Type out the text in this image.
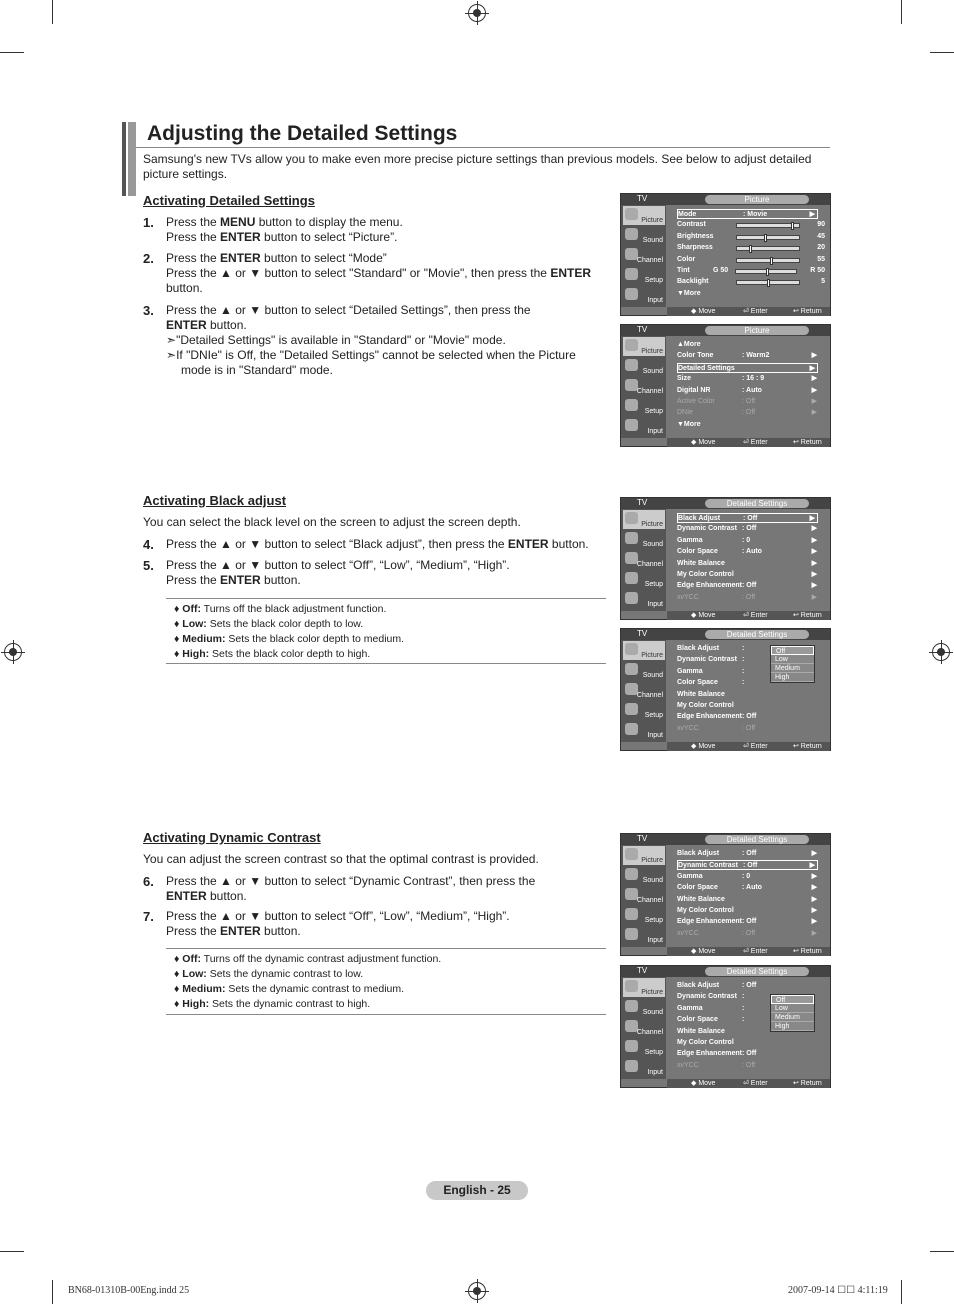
Adjusting the Detailed Settings
Samsung's new TVs allow you to make even more precise picture settings than previous models. See below to adjust detailed picture settings.
Activating Detailed Settings
1. Press the MENU button to display the menu.
Press the ENTER button to select “Picture”.
2. Press the ENTER button to select “Mode”
Press the ▲ or ▼ button to select "Standard" or "Movie", then press the ENTER
button.
3. Press the ▲ or ▼ button to select “Detailed Settings”, then press the
ENTER button.
➣"Detailed Settings" is available in "Standard" or "Movie" mode.
➣If "DNIe" is Off, the "Detailed Settings" cannot be selected when the Picture
mode is in "Standard" mode.
Activating Black adjust
You can select the black level on the screen to adjust the screen depth.
4. Press the ▲ or ▼ button to select “Black adjust”, then press the ENTER button.
5. Press the ▲ or ▼ button to select “Off”, “Low”, “Medium”, “High”.
Press the ENTER button.
♦ Off: Turns off the black adjustment function.
♦ Low: Sets the black color depth to low.
♦ Medium: Sets the black color depth to medium.
♦ High: Sets the black color depth to high.
Activating Dynamic Contrast
You can adjust the screen contrast so that the optimal contrast is provided.
6. Press the ▲ or ▼ button to select “Dynamic Contrast”, then press the
ENTER button.
7. Press the ▲ or ▼ button to select “Off”, “Low”, “Medium”, “High”.
Press the ENTER button.
♦ Off: Turns off the dynamic contrast adjustment function.
♦ Low: Sets the dynamic contrast to low.
♦ Medium: Sets the dynamic contrast to medium.
♦ High: Sets the dynamic contrast to high.
TV	Picture
Picture
Sound
Channel
Setup
Input
Mode	: Movie	▶
Contrast	90
Brightness	45
Sharpness	20
Color	55
Tint	G 50	R 50
Backlight	5
▼More
◆ Move	⏎ Enter	↩ Return
TV	Picture
Picture
Sound
Channel
Setup
Input
▲More
Color Tone	: Warm2	▶
Detailed Settings	▶
Size	: 16 : 9	▶
Digital NR	: Auto	▶
Active Color	: Off	▶
DNIe	: Off	▶
▼More
◆ Move	⏎ Enter	↩ Return
TV	Detailed Settings
Picture
Sound
Channel
Setup
Input
Black Adjust	: Off	▶
Dynamic Contrast : Off	▶
Gamma	: 0	▶
Color Space	: Auto	▶
White Balance	▶
My Color Control	▶
Edge Enhancement : Off	▶
xvYCC	: Off	▶
◆ Move	⏎ Enter	↩ Return
TV	Detailed Settings
Picture
Sound
Channel
Setup
Input
Black Adjust	:
Dynamic Contrast :
Gamma	:
Color Space	:
White Balance
My Color Control
Edge Enhancement : Off
xvYCC	: Off
Off
Low
Medium
High
◆ Move	⏎ Enter	↩ Return
TV	Detailed Settings
Picture
Sound
Channel
Setup
Input
Black Adjust	: Off	▶
Dynamic Contrast : Off	▶
Gamma	: 0	▶
Color Space	: Auto	▶
White Balance	▶
My Color Control	▶
Edge Enhancement : Off	▶
xvYCC	: Off	▶
◆ Move	⏎ Enter	↩ Return
TV	Detailed Settings
Picture
Sound
Channel
Setup
Input
Black Adjust	: Off
Dynamic Contrast :
Gamma	:
Color Space	:
White Balance
My Color Control
Edge Enhancement : Off
xvYCC	: Off
Off
Low
Medium
High
◆ Move	⏎ Enter	↩ Return
English - 25
BN68-01310B-00Eng.indd 25	2007-09-14 ☐☐ 4:11:19
